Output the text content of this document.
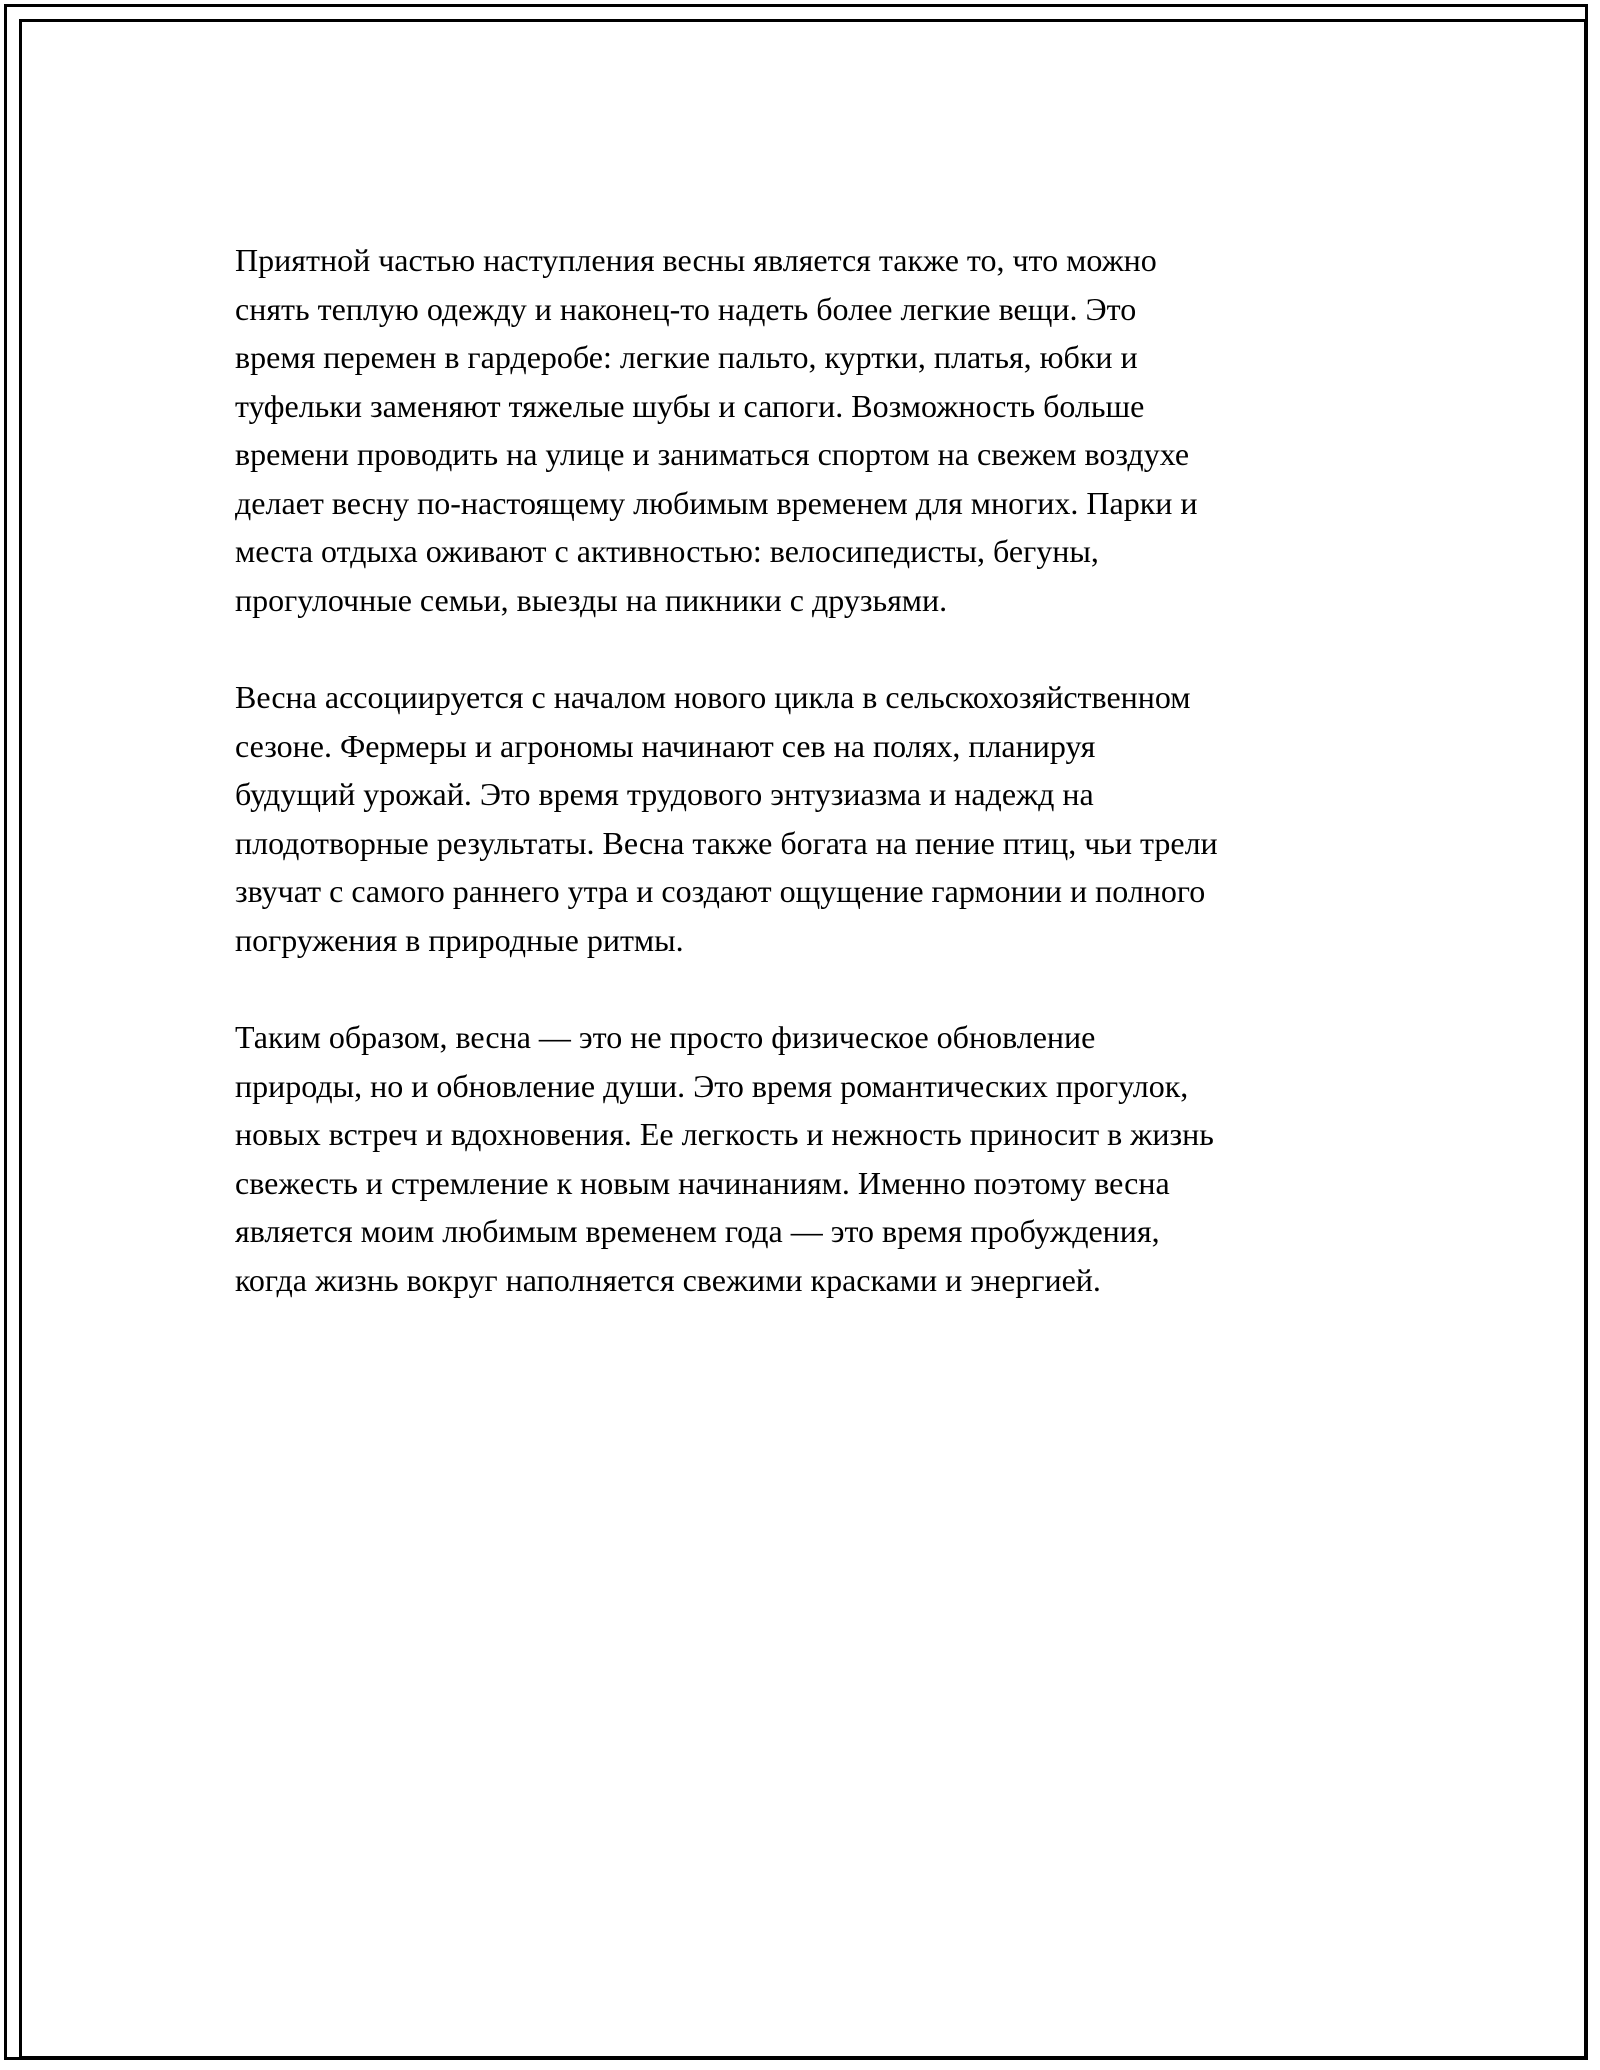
Приятной частью наступления весны является также то, что можно
снять теплую одежду и наконец-то надеть более легкие вещи. Это
время перемен в гардеробе: легкие пальто, куртки, платья, юбки и
туфельки заменяют тяжелые шубы и сапоги. Возможность больше
времени проводить на улице и заниматься спортом на свежем воздухе
делает весну по-настоящему любимым временем для многих. Парки и
места отдыха оживают с активностью: велосипедисты, бегуны,
прогулочные семьи, выезды на пикники с друзьями.

Весна ассоциируется с началом нового цикла в сельскохозяйственном
сезоне. Фермеры и агрономы начинают сев на полях, планируя
будущий урожай. Это время трудового энтузиазма и надежд на
плодотворные результаты. Весна также богата на пение птиц, чьи трели
звучат с самого раннего утра и создают ощущение гармонии и полного
погружения в природные ритмы.

Таким образом, весна — это не просто физическое обновление
природы, но и обновление души. Это время романтических прогулок,
новых встреч и вдохновения. Ее легкость и нежность приносит в жизнь
свежесть и стремление к новым начинаниям. Именно поэтому весна
является моим любимым временем года — это время пробуждения,
когда жизнь вокруг наполняется свежими красками и энергией.
